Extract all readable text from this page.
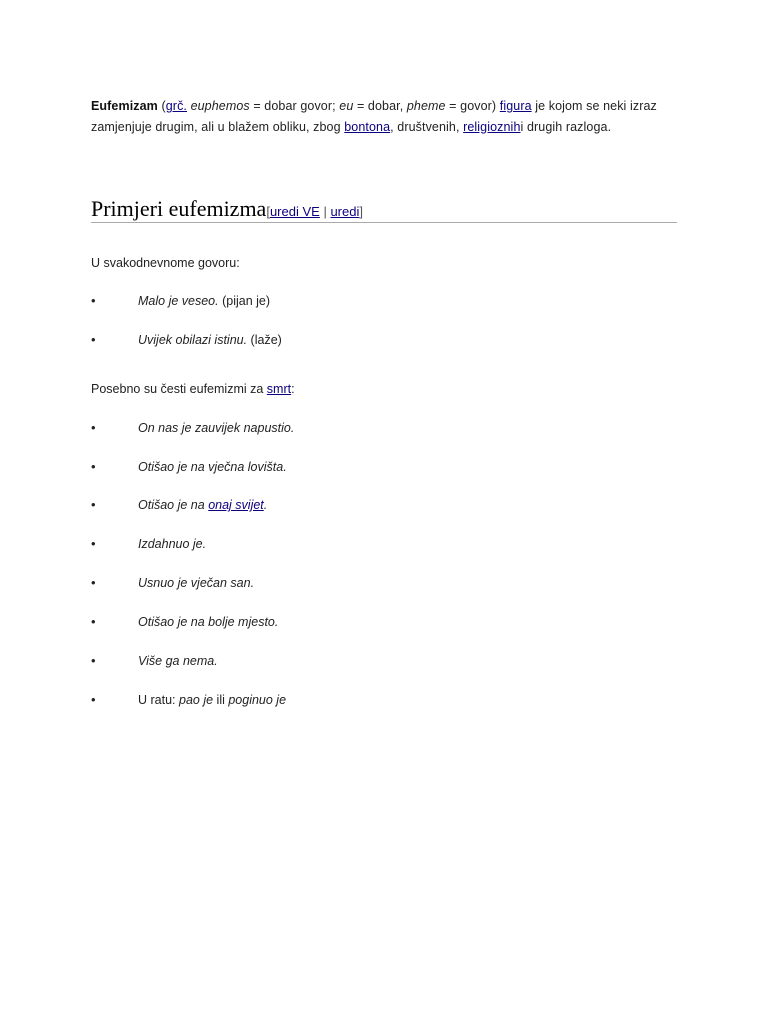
Eufemizam (grč. euphemos = dobar govor; eu = dobar, pheme = govor) figura je kojom se neki izraz zamjenjuje drugim, ali u blažem obliku, zbog bontona, društvenih, religioznihi drugih razloga.
Primjeri eufemizma[uredi VE | uredi]
U svakodnevnome govoru:
•	Malo je veseo. (pijan je)
•	Uvijek obilazi istinu. (laže)
Posebno su česti eufemizmi za smrt:
•	On nas je zauvijek napustio.
•	Otišao je na vječna lovišta.
•	Otišao je na onaj svijet.
•	Izdahnuo je.
•	Usnuo je vječan san.
•	Otišao je na bolje mjesto.
•	Više ga nema.
•	U ratu: pao je ili poginuo je
